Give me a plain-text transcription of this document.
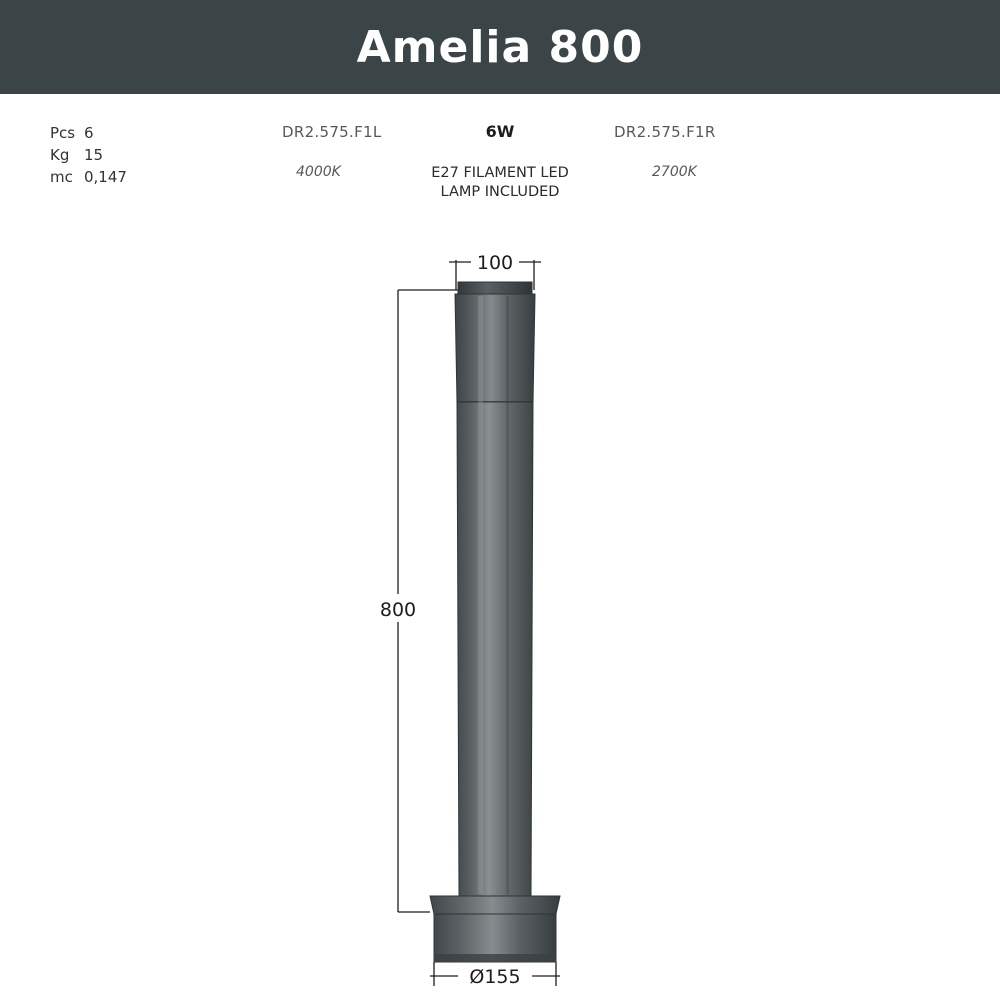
Amelia 800
Pcs 6
Kg 15
mc 0,147
DR2.575.F1L
4000K
6W
E27 FILAMENT LED
LAMP INCLUDED
DR2.575.F1R
2700K
100
800
Ø155
